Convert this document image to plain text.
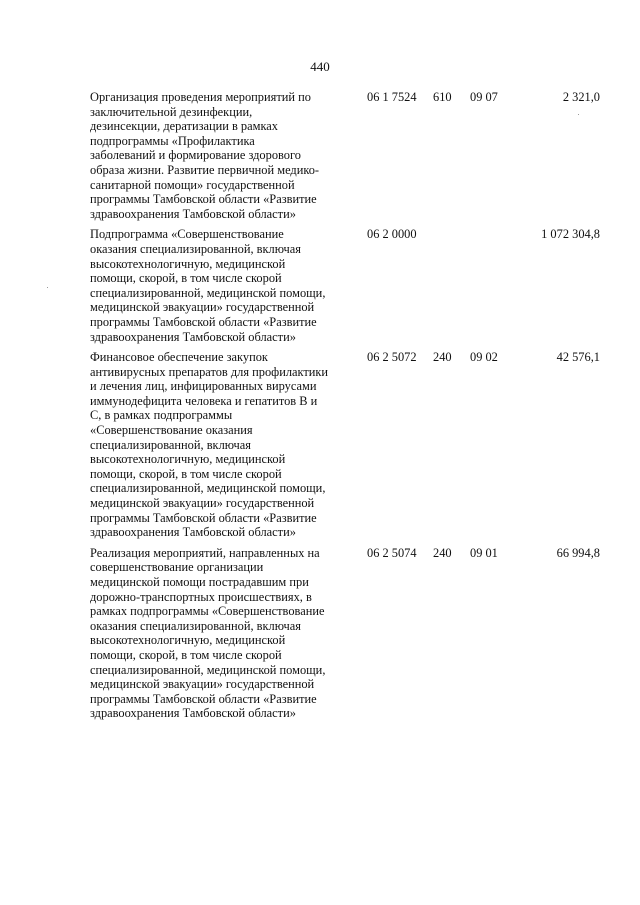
440
Организация проведения мероприятий по
заключительной дезинфекции,
дезинсекции, дератизации в рамках
подпрограммы «Профилактика
заболеваний и формирование здорового
образа жизни. Развитие первичной медико-
санитарной помощи» государственной
программы Тамбовской области «Развитие
здравоохранения Тамбовской области»
06 1 7524 610 09 07	2 321,0
Подпрограмма «Совершенствование
оказания специализированной, включая
высокотехнологичную, медицинской
помощи, скорой, в том числе скорой
специализированной, медицинской помощи,
медицинской эвакуации» государственной
программы Тамбовской области «Развитие
здравоохранения Тамбовской области»
06 2 0000	1 072 304,8
Финансовое обеспечение закупок
антивирусных препаратов для профилактики
и лечения лиц, инфицированных вирусами
иммунодефицита человека и гепатитов В и
С, в рамках подпрограммы
«Совершенствование оказания
специализированной, включая
высокотехнологичную, медицинской
помощи, скорой, в том числе скорой
специализированной, медицинской помощи,
медицинской эвакуации» государственной
программы Тамбовской области «Развитие
здравоохранения Тамбовской области»
06 2 5072 240 09 02	42 576,1
Реализация мероприятий, направленных на
совершенствование организации
медицинской помощи пострадавшим при
дорожно-транспортных происшествиях, в
рамках подпрограммы «Совершенствование
оказания специализированной, включая
высокотехнологичную, медицинской
помощи, скорой, в том числе скорой
специализированной, медицинской помощи,
медицинской эвакуации» государственной
программы Тамбовской области «Развитие
здравоохранения Тамбовской области»
06 2 5074 240 09 01	66 994,8
